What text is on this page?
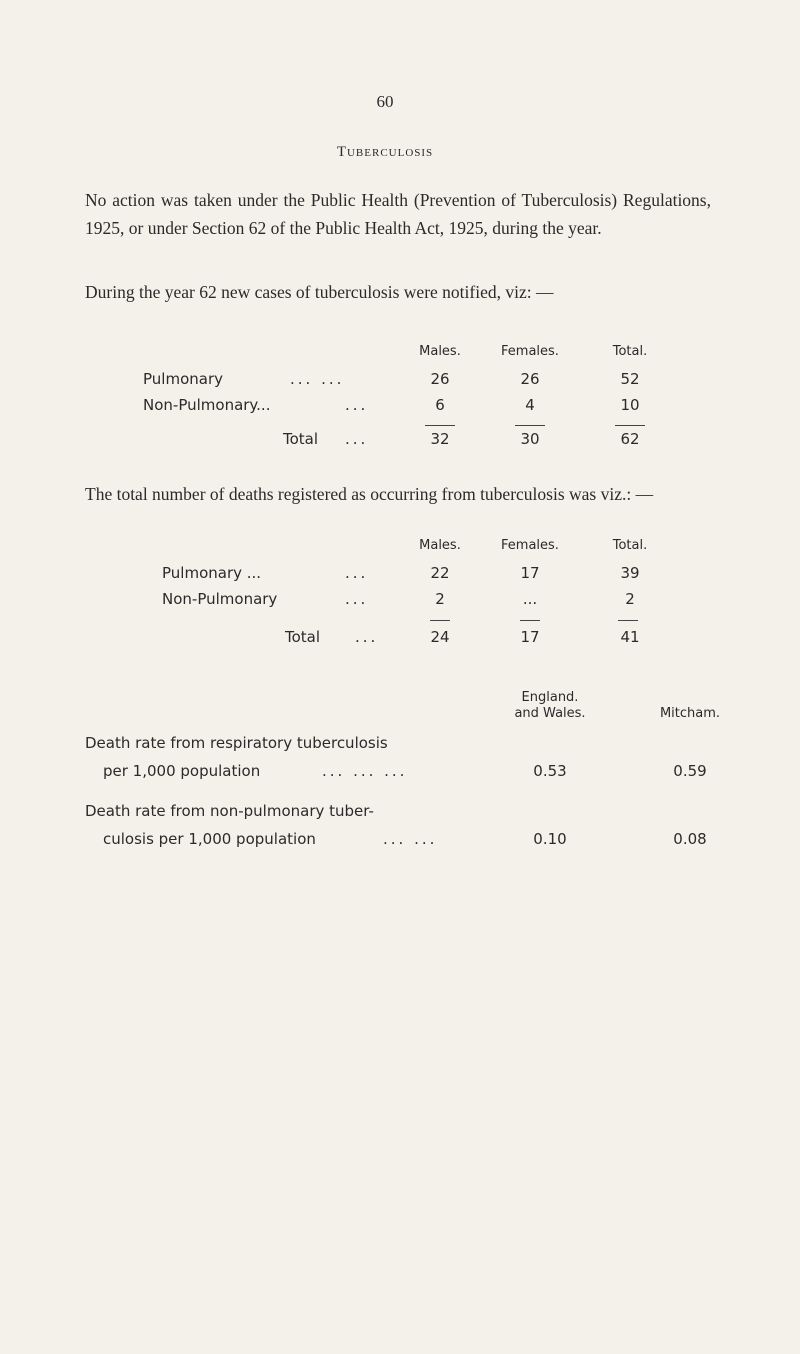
60
Tuberculosis
No action was taken under the Public Health (Prevention of Tuberculosis) Regulations, 1925, or under Section 62 of the Public Health Act, 1925, during the year.
During the year 62 new cases of tuberculosis were notified, viz: —
Males.	Females.	Total.
Pulmonary	... ...	26	26	52
Non-Pulmonary...	...	6	4	10
Total ...	32	30	62
The total number of deaths registered as occurring from tuberculosis was viz.: —
Males.	Females.	Total.
Pulmonary ...	...	22	17	39
Non-Pulmonary	...	2	...	2
Total ...	24	17	41
England.
and Wales.	Mitcham.
Death rate from respiratory tuberculosis
per 1,000 population	... ... ...	0.53	0.59
Death rate from non-pulmonary tuber-
culosis per 1,000 population	... ...	0.10	0.08
